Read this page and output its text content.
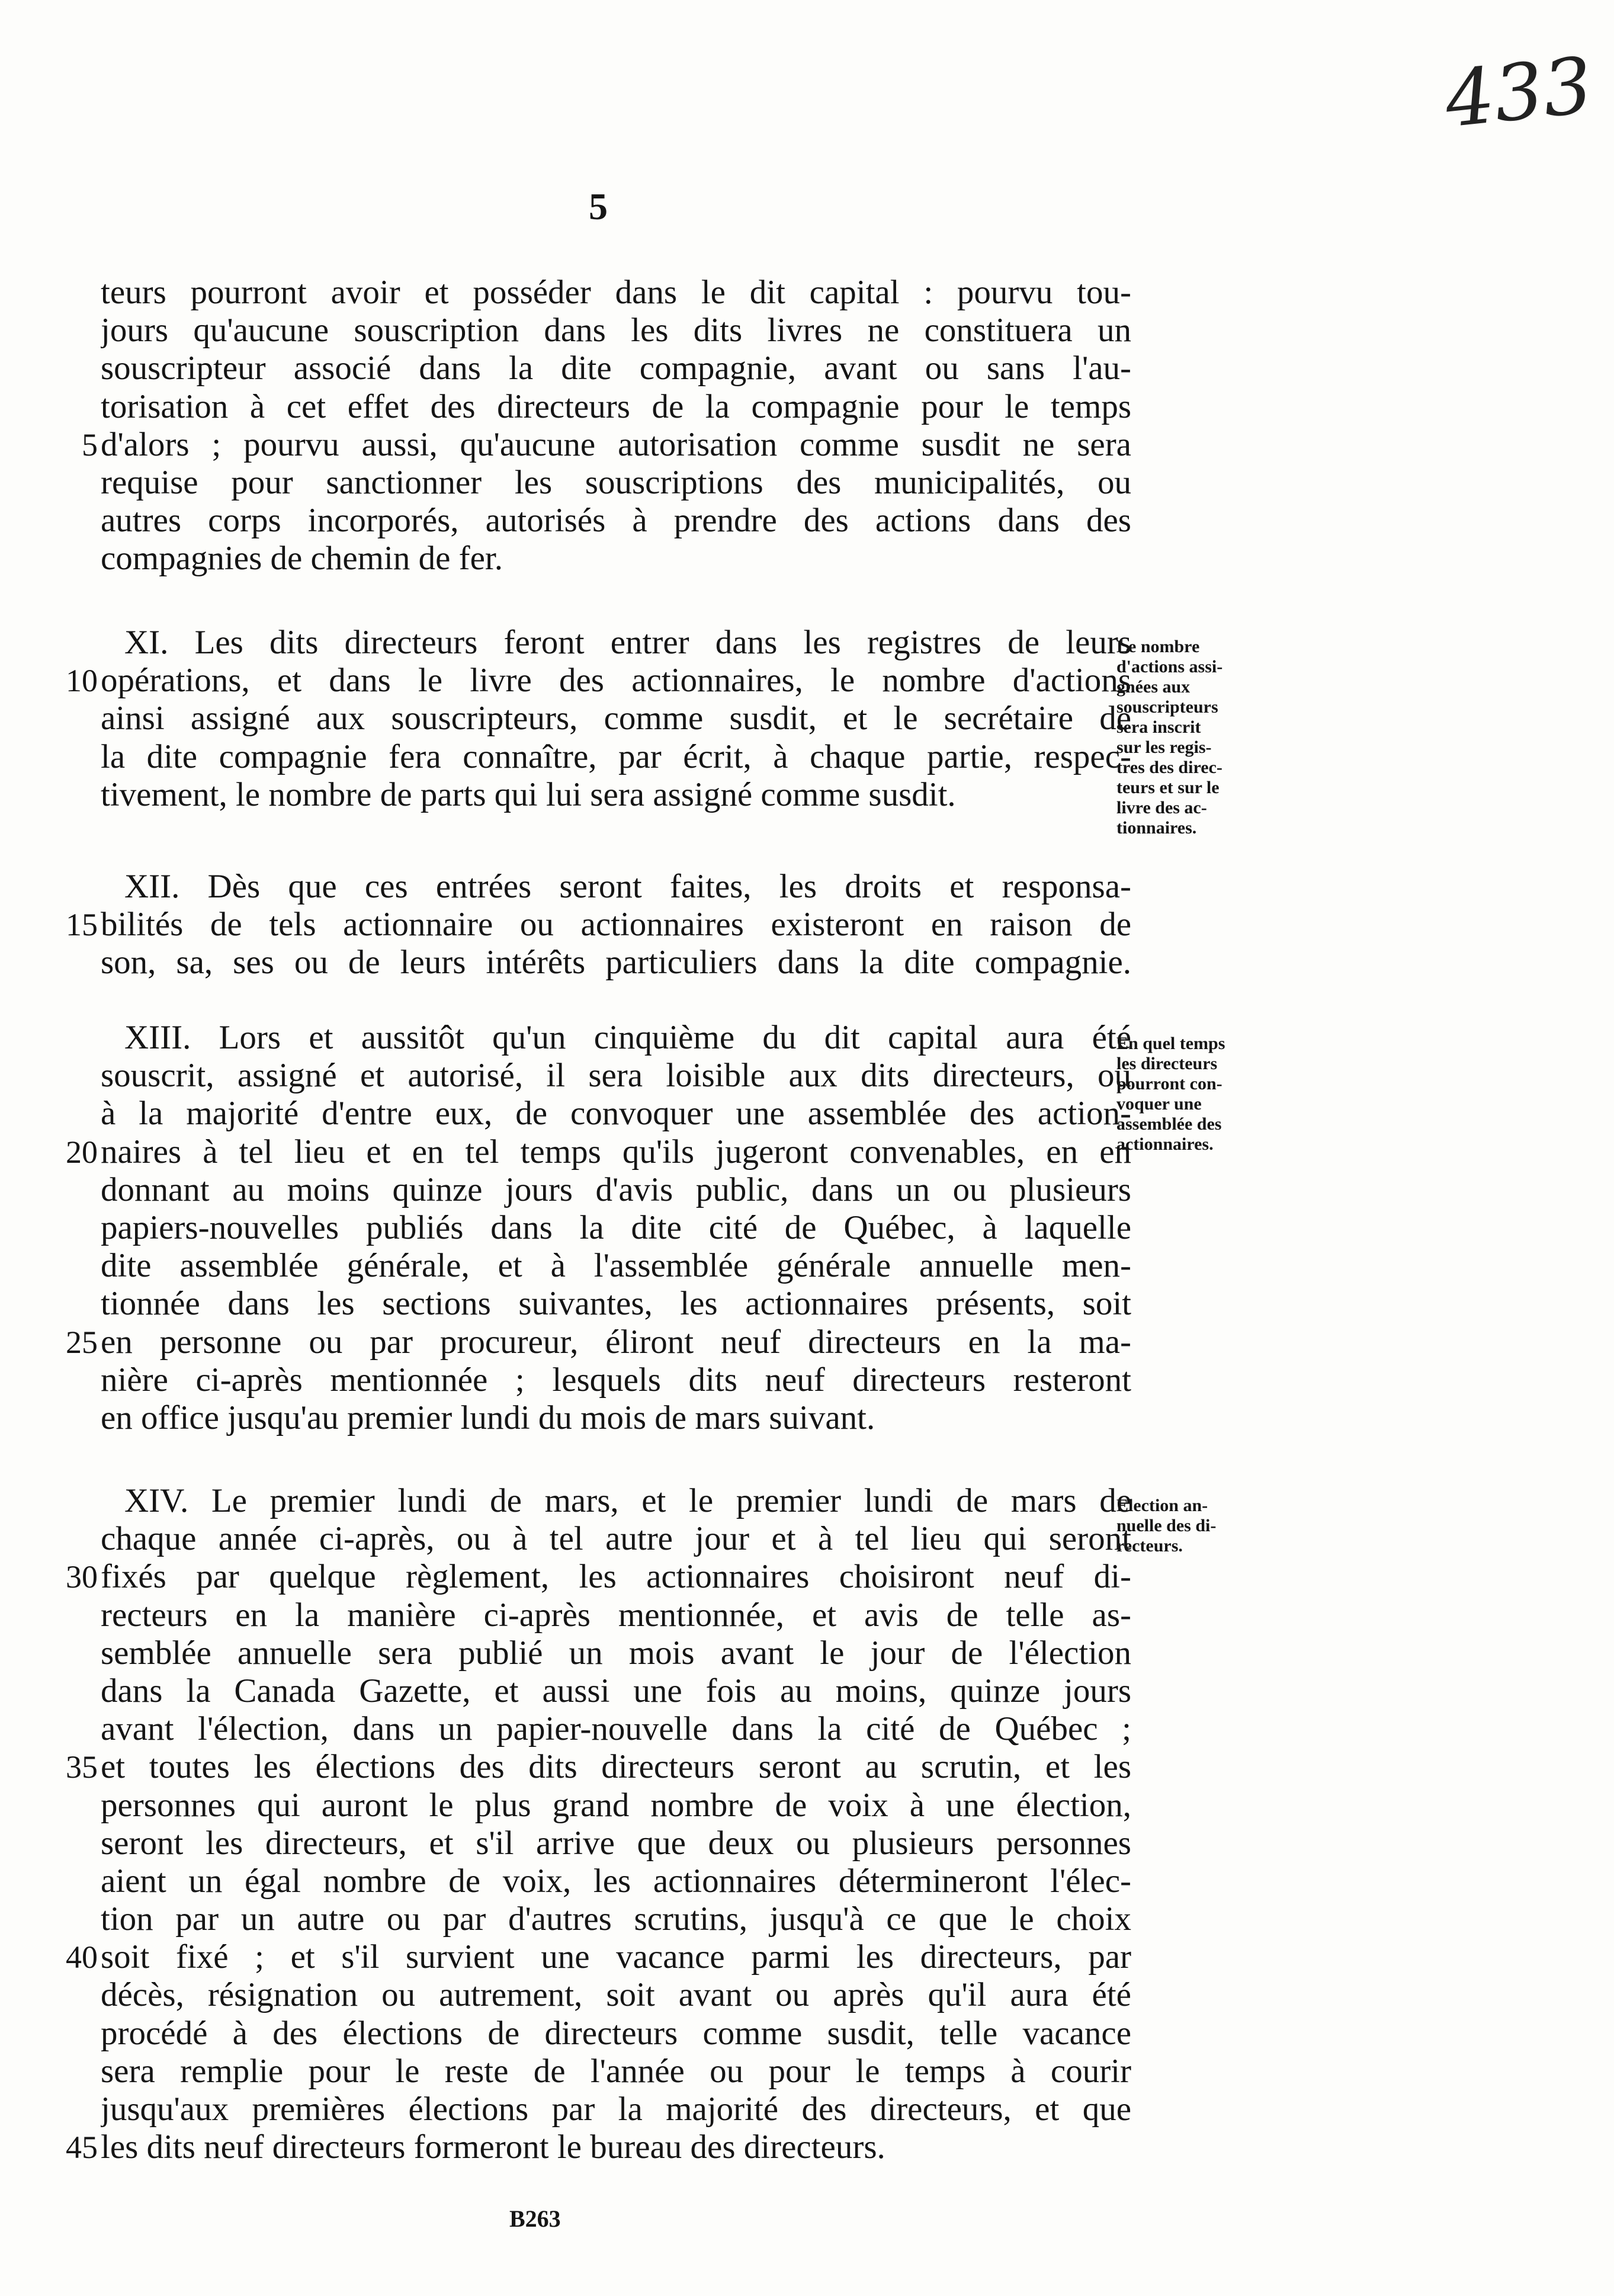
433
5
teurs pourront avoir et posséder dans le dit capital : pourvu tou-
jours qu'aucune souscription dans les dits livres ne constituera un
souscripteur associé dans la dite compagnie, avant ou sans l'au-
torisation à cet effet des directeurs de la compagnie pour le temps
5 d'alors ; pourvu aussi, qu'aucune autorisation comme susdit ne sera
requise pour sanctionner les souscriptions des municipalités, ou
autres corps incorporés, autorisés à prendre des actions dans des
compagnies de chemin de fer.
XI. Les dits directeurs feront entrer dans les registres de leurs
10 opérations, et dans le livre des actionnaires, le nombre d'actions
ainsi assigné aux souscripteurs, comme susdit, et le secrétaire de
la dite compagnie fera connaître, par écrit, à chaque partie, respec-
tivement, le nombre de parts qui lui sera assigné comme susdit.
XII. Dès que ces entrées seront faites, les droits et responsa-
15 bilités de tels actionnaire ou actionnaires existeront en raison de
son, sa, ses ou de leurs intérêts particuliers dans la dite compagnie.
XIII. Lors et aussitôt qu'un cinquième du dit capital aura été
souscrit, assigné et autorisé, il sera loisible aux dits directeurs, ou
à la majorité d'entre eux, de convoquer une assemblée des action-
20 naires à tel lieu et en tel temps qu'ils jugeront convenables, en en
donnant au moins quinze jours d'avis public, dans un ou plusieurs
papiers-nouvelles publiés dans la dite cité de Québec, à laquelle
dite assemblée générale, et à l'assemblée générale annuelle men-
tionnée dans les sections suivantes, les actionnaires présents, soit
25 en personne ou par procureur, éliront neuf directeurs en la ma-
nière ci-après mentionnée ; lesquels dits neuf directeurs resteront
en office jusqu'au premier lundi du mois de mars suivant.
XIV. Le premier lundi de mars, et le premier lundi de mars de
chaque année ci-après, ou à tel autre jour et à tel lieu qui seront
30 fixés par quelque règlement, les actionnaires choisiront neuf di-
recteurs en la manière ci-après mentionnée, et avis de telle as-
semblée annuelle sera publié un mois avant le jour de l'élection
dans la Canada Gazette, et aussi une fois au moins, quinze jours
avant l'élection, dans un papier-nouvelle dans la cité de Québec ;
35 et toutes les élections des dits directeurs seront au scrutin, et les
personnes qui auront le plus grand nombre de voix à une élection,
seront les directeurs, et s'il arrive que deux ou plusieurs personnes
aient un égal nombre de voix, les actionnaires détermineront l'élec-
tion par un autre ou par d'autres scrutins, jusqu'à ce que le choix
40 soit fixé ; et s'il survient une vacance parmi les directeurs, par
décès, résignation ou autrement, soit avant ou après qu'il aura été
procédé à des élections de directeurs comme susdit, telle vacance
sera remplie pour le reste de l'année ou pour le temps à courir
jusqu'aux premières élections par la majorité des directeurs, et que
45 les dits neuf directeurs formeront le bureau des directeurs.
Le nombre
d'actions assi-
gnées aux
souscripteurs
sera inscrit
sur les regis-
tres des direc-
teurs et sur le
livre des ac-
tionnaires.
En quel temps
les directeurs
pourront con-
voquer une
assemblée des
actionnaires.
Election an-
nuelle des di-
recteurs.
B263
